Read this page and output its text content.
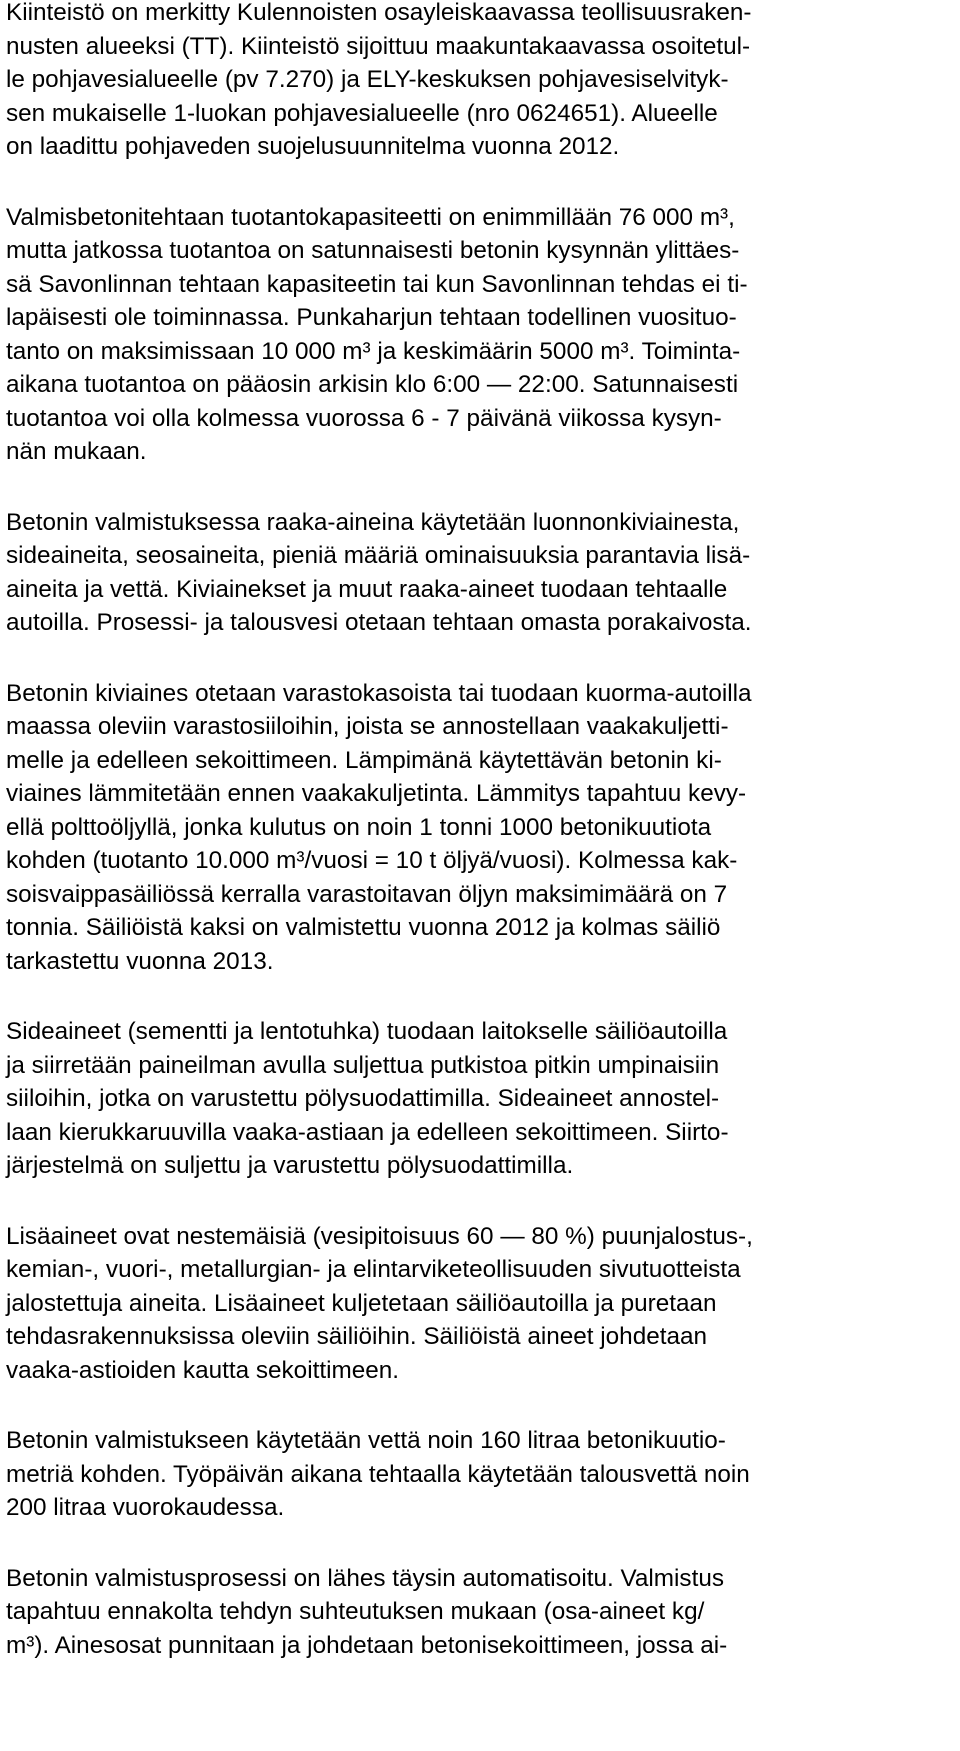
Kiinteistö on merkitty Kulennoisten osayleiskaavassa teollisuusraken-
nusten alueeksi (TT). Kiinteistö sijoittuu maakuntakaavassa osoitetul-
le pohjavesialueelle (pv 7.270) ja ELY-keskuksen pohjavesiselvityk-
sen mukaiselle 1-luokan pohjavesialueelle (nro 0624651). Alueelle
on laadittu pohjaveden suojelusuunnitelma vuonna 2012.
Valmisbetonitehtaan tuotantokapasiteetti on enimmillään 76 000 m³,
mutta jatkossa tuotantoa on satunnaisesti betonin kysynnän ylittäes-
sä Savonlinnan tehtaan kapasiteetin tai kun Savonlinnan tehdas ei ti-
lapäisesti ole toiminnassa. Punkaharjun tehtaan todellinen vuosituo-
tanto on maksimissaan 10 000 m³ ja keskimäärin 5000 m³. Toiminta-
aikana tuotantoa on pääosin arkisin klo 6:00 — 22:00. Satunnaisesti
tuotantoa voi olla kolmessa vuorossa 6 - 7 päivänä viikossa kysyn-
nän mukaan.
Betonin valmistuksessa raaka-aineina käytetään luonnonkiviainesta,
sideaineita, seosaineita, pieniä määriä ominaisuuksia parantavia lisä-
aineita ja vettä. Kiviainekset ja muut raaka-aineet tuodaan tehtaalle
autoilla. Prosessi- ja talousvesi otetaan tehtaan omasta porakaivosta.
Betonin kiviaines otetaan varastokasoista tai tuodaan kuorma-autoilla
maassa oleviin varastosiiloihin, joista se annostellaan vaakakuljetti-
melle ja edelleen sekoittimeen. Lämpimänä käytettävän betonin ki-
viaines lämmitetään ennen vaakakuljetinta. Lämmitys tapahtuu kevy-
ellä polttoöljyllä, jonka kulutus on noin 1 tonni 1000 betonikuutiota
kohden (tuotanto 10.000 m³/vuosi = 10 t öljyä/vuosi). Kolmessa kak-
soisvaippasäiliössä kerralla varastoitavan öljyn maksimimäärä on 7
tonnia. Säiliöistä kaksi on valmistettu vuonna 2012 ja kolmas säiliö
tarkastettu vuonna 2013.
Sideaineet (sementti ja lentotuhka) tuodaan laitokselle säiliöautoilla
ja siirretään paineilman avulla suljettua putkistoa pitkin umpinaisiin
siiloihin, jotka on varustettu pölysuodattimilla. Sideaineet annostel-
laan kierukkaruuvilla vaaka-astiaan ja edelleen sekoittimeen. Siirto-
järjestelmä on suljettu ja varustettu pölysuodattimilla.
Lisäaineet ovat nestemäisiä (vesipitoisuus 60 — 80 %) puunjalostus-,
kemian-, vuori-, metallurgian- ja elintarviketeollisuuden sivutuotteista
jalostettuja aineita. Lisäaineet kuljetetaan säiliöautoilla ja puretaan
tehdasrakennuksissa oleviin säiliöihin. Säiliöistä aineet johdetaan
vaaka-astioiden kautta sekoittimeen.
Betonin valmistukseen käytetään vettä noin 160 litraa betonikuutio-
metriä kohden. Työpäivän aikana tehtaalla käytetään talousvettä noin
200 litraa vuorokaudessa.
Betonin valmistusprosessi on lähes täysin automatisoitu. Valmistus
tapahtuu ennakolta tehdyn suhteutuksen mukaan (osa-aineet kg/
m³). Ainesosat punnitaan ja johdetaan betonisekoittimeen, jossa ai-
